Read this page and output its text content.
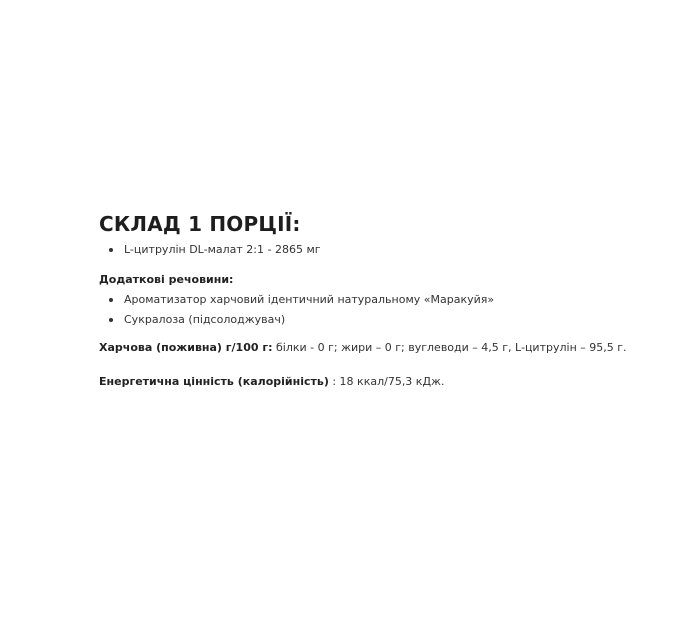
СКЛАД 1 ПОРЦІЇ:
L-цитрулін DL-малат 2:1 - 2865 мг

Додаткові речовини:

Ароматизатор харчовий ідентичний натуральному «Маракуйя»
Сукралоза (підсолоджувач)

Харчова (поживна) г/100 г: білки - 0 г; жири – 0 г; вуглеводи – 4,5 г, L-цитрулін – 95,5 г.

Енергетична цінність (калорійність) : 18 ккал/75,3 кДж.
